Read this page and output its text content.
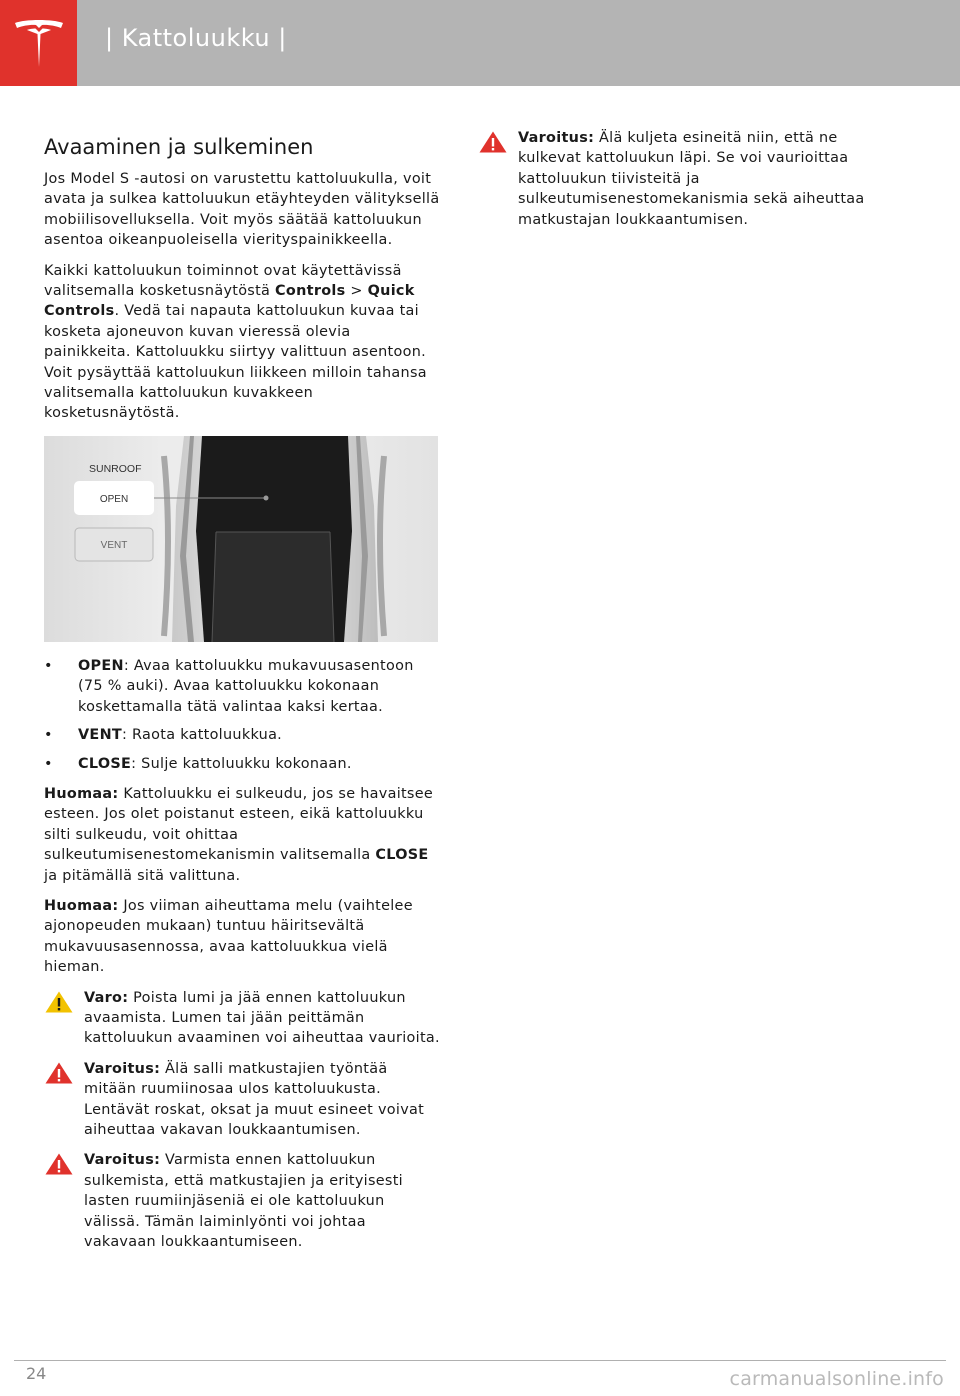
| Kattoluukku |
Avaaminen ja sulkeminen

Jos Model S -autosi on varustettu kattoluukulla, voit avata ja sulkea kattoluukun etäyhteyden välityksellä mobiilisovelluksella. Voit myös säätää kattoluukun asentoa oikeanpuoleisella vierityspainikkeella.

Kaikki kattoluukun toiminnot ovat käytettävissä valitsemalla kosketusnäytöstä Controls > Quick Controls. Vedä tai napauta kattoluukun kuvaa tai kosketa ajoneuvon kuvan vieressä olevia painikkeita. Kattoluukku siirtyy valittuun asentoon. Voit pysäyttää kattoluukun liikkeen milloin tahansa valitsemalla kattoluukun kuvakkeen kosketusnäytöstä.

SUNROOF
OPEN
VENT
• OPEN: Avaa kattoluukku mukavuusasentoon (75 % auki). Avaa kattoluukku kokonaan koskettamalla tätä valintaa kaksi kertaa.
• VENT: Raota kattoluukkua.
• CLOSE: Sulje kattoluukku kokonaan.

Huomaa: Kattoluukku ei sulkeudu, jos se havaitsee esteen. Jos olet poistanut esteen, eikä kattoluukku silti sulkeudu, voit ohittaa sulkeutumisenestomekanismin valitsemalla CLOSE ja pitämällä sitä valittuna.

Huomaa: Jos viiman aiheuttama melu (vaihtelee ajonopeuden mukaan) tuntuu häiritsevältä mukavuusasennossa, avaa kattoluukkua vielä hieman.

Varo: Poista lumi ja jää ennen kattoluukun avaamista. Lumen tai jään peittämän kattoluukun avaaminen voi aiheuttaa vaurioita.

Varoitus: Älä salli matkustajien työntää mitään ruumiinosaa ulos kattoluukusta. Lentävät roskat, oksat ja muut esineet voivat aiheuttaa vakavan loukkaantumisen.

Varoitus: Varmista ennen kattoluukun sulkemista, että matkustajien ja erityisesti lasten ruumiinjäseniä ei ole kattoluukun välissä. Tämän laiminlyönti voi johtaa vakavaan loukkaantumiseen.

Varoitus: Älä kuljeta esineitä niin, että ne kulkevat kattoluukun läpi. Se voi vaurioittaa kattoluukun tiivisteitä ja sulkeutumisenestomekanismia sekä aiheuttaa matkustajan loukkaantumisen.

24	carmanualsonline.info
